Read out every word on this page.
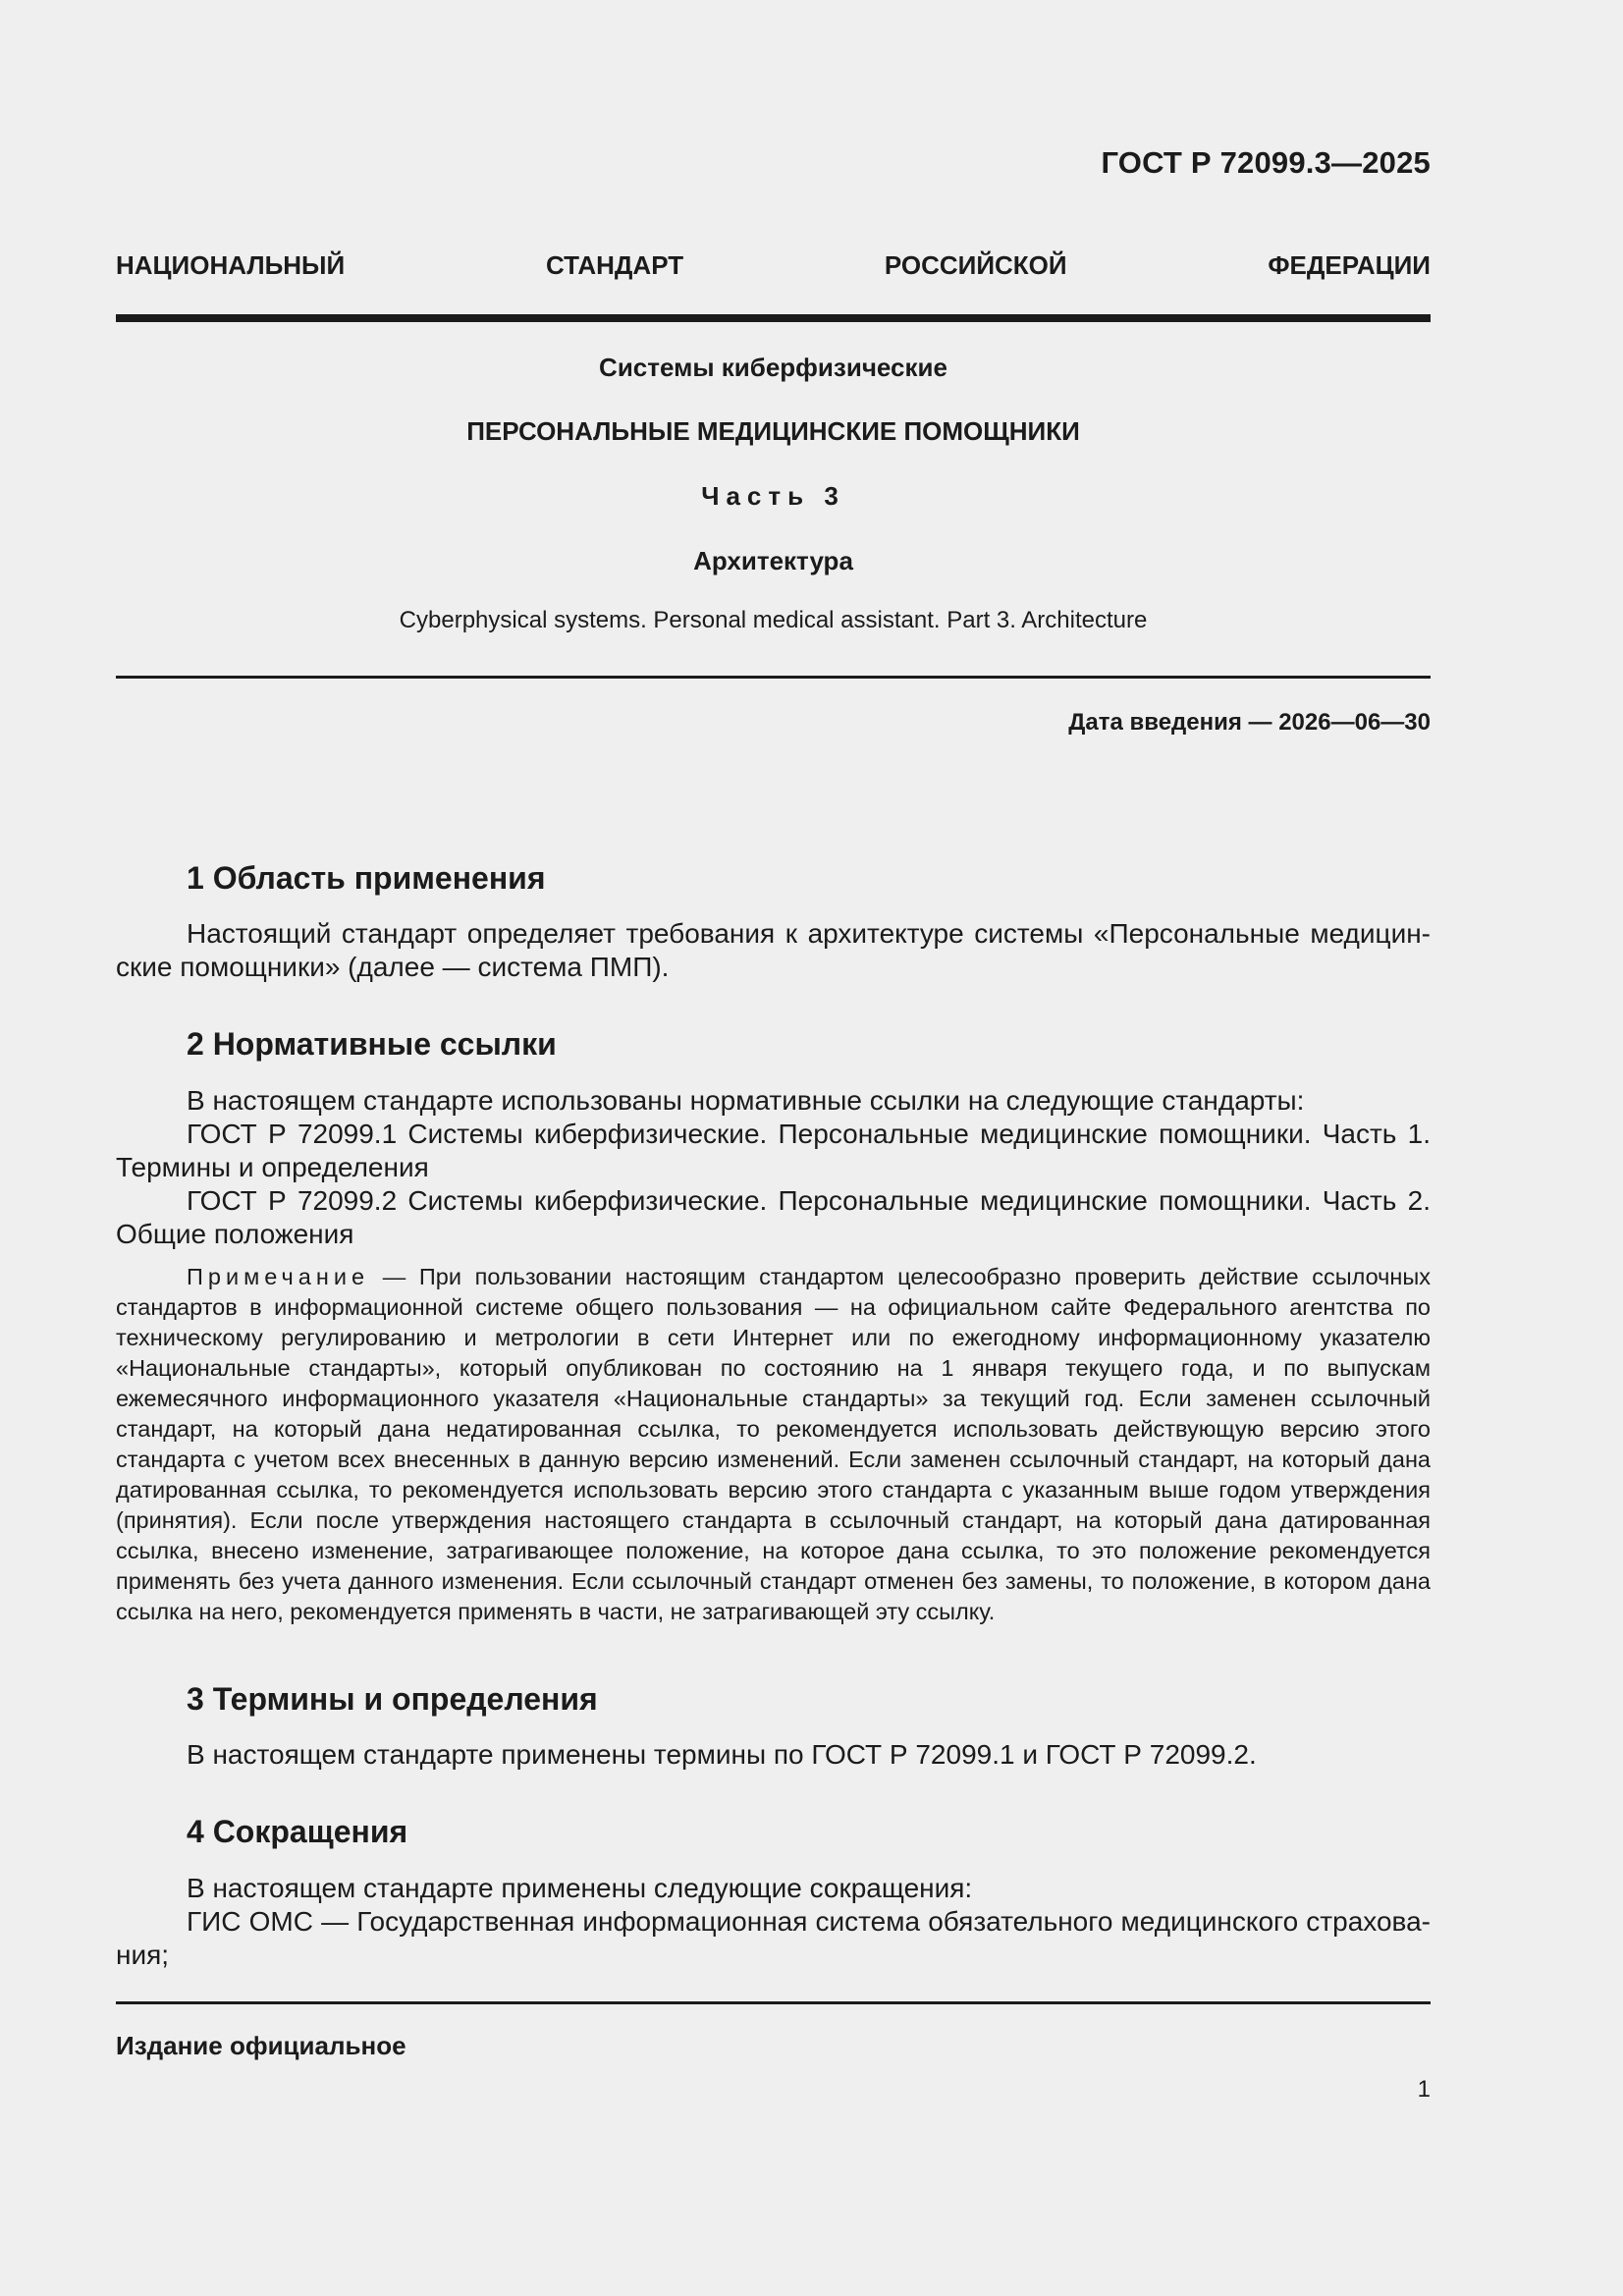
ГОСТ Р 72099.3—2025
НАЦИОНАЛЬНЫЙ	СТАНДАРТ	РОССИЙСКОЙ	ФЕДЕРАЦИИ
Системы киберфизические
ПЕРСОНАЛЬНЫЕ МЕДИЦИНСКИЕ ПОМОЩНИКИ
Часть 3
Архитектура
Cyberphysical systems. Personal medical assistant. Part 3. Architecture
Дата введения — 2026—06—30
1 Область применения

Настоящий стандарт определяет требования к архитектуре системы «Персональные медицинские помощники» (далее — система ПМП).

2 Нормативные ссылки

В настоящем стандарте использованы нормативные ссылки на следующие стандарты:

ГОСТ Р 72099.1 Системы киберфизические. Персональные медицинские помощники. Часть 1. Термины и определения

ГОСТ Р 72099.2 Системы киберфизические. Персональные медицинские помощники. Часть 2. Общие положения

Примечание — При пользовании настоящим стандартом целесообразно проверить действие ссылочных стандартов в информационной системе общего пользования — на официальном сайте Федерального агентства по техническому регулированию и метрологии в сети Интернет или по ежегодному информационному указателю «Национальные стандарты», который опубликован по состоянию на 1 января текущего года, и по выпускам ежемесячного информационного указателя «Национальные стандарты» за текущий год. Если заменен ссылочный стандарт, на который дана недатированная ссылка, то рекомендуется использовать действующую версию этого стандарта с учетом всех внесенных в данную версию изменений. Если заменен ссылочный стандарт, на который дана датированная ссылка, то рекомендуется использовать версию этого стандарта с указанным выше годом утверждения (принятия). Если после утверждения настоящего стандарта в ссылочный стандарт, на который дана датированная ссылка, внесено изменение, затрагивающее положение, на которое дана ссылка, то это положение рекомендуется применять без учета данного изменения. Если ссылочный стандарт отменен без замены, то положение, в котором дана ссылка на него, рекомендуется применять в части, не затрагивающей эту ссылку.

3 Термины и определения

В настоящем стандарте применены термины по ГОСТ Р 72099.1 и ГОСТ Р 72099.2.

4 Сокращения

В настоящем стандарте применены следующие сокращения:

ГИС ОМС — Государственная информационная система обязательного медицинского страхования;

Издание официальное
1
